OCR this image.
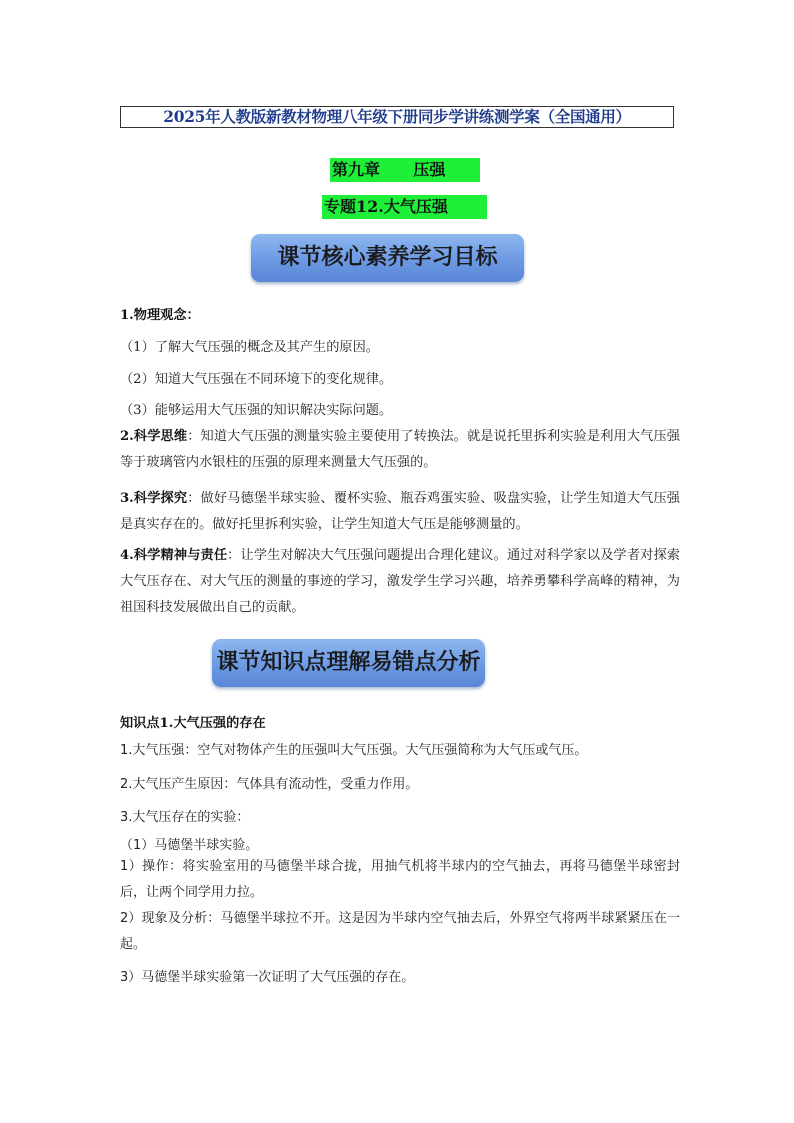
2025年人教版新教材物理八年级下册同步学讲练测学案（全国通用）
第九章      压强
专题12.大气压强
课节核心素养学习目标
1.物理观念：
（1）了解大气压强的概念及其产生的原因。
（2）知道大气压强在不同环境下的变化规律。
（3）能够运用大气压强的知识解决实际问题。
2.科学思维：知道大气压强的测量实验主要使用了转换法。就是说托里拆利实验是利用大气压强等于玻璃管内水银柱的压强的原理来测量大气压强的。
3.科学探究：做好马德堡半球实验、覆杯实验、瓶吞鸡蛋实验、吸盘实验，让学生知道大气压强是真实存在的。做好托里拆利实验，让学生知道大气压是能够测量的。
4.科学精神与责任：让学生对解决大气压强问题提出合理化建议。通过对科学家以及学者对探索大气压存在、对大气压的测量的事迹的学习，激发学生学习兴趣，培养勇攀科学高峰的精神，为祖国科技发展做出自己的贡献。
课节知识点理解易错点分析
知识点1.大气压强的存在
1.大气压强：空气对物体产生的压强叫大气压强。大气压强简称为大气压或气压。
2.大气压产生原因：气体具有流动性，受重力作用。
3.大气压存在的实验：
（1）马德堡半球实验。
1）操作：将实验室用的马德堡半球合拢，用抽气机将半球内的空气抽去，再将马德堡半球密封后，让两个同学用力拉。
2）现象及分析：马德堡半球拉不开。这是因为半球内空气抽去后，外界空气将两半球紧紧压在一起。
3）马德堡半球实验第一次证明了大气压强的存在。
